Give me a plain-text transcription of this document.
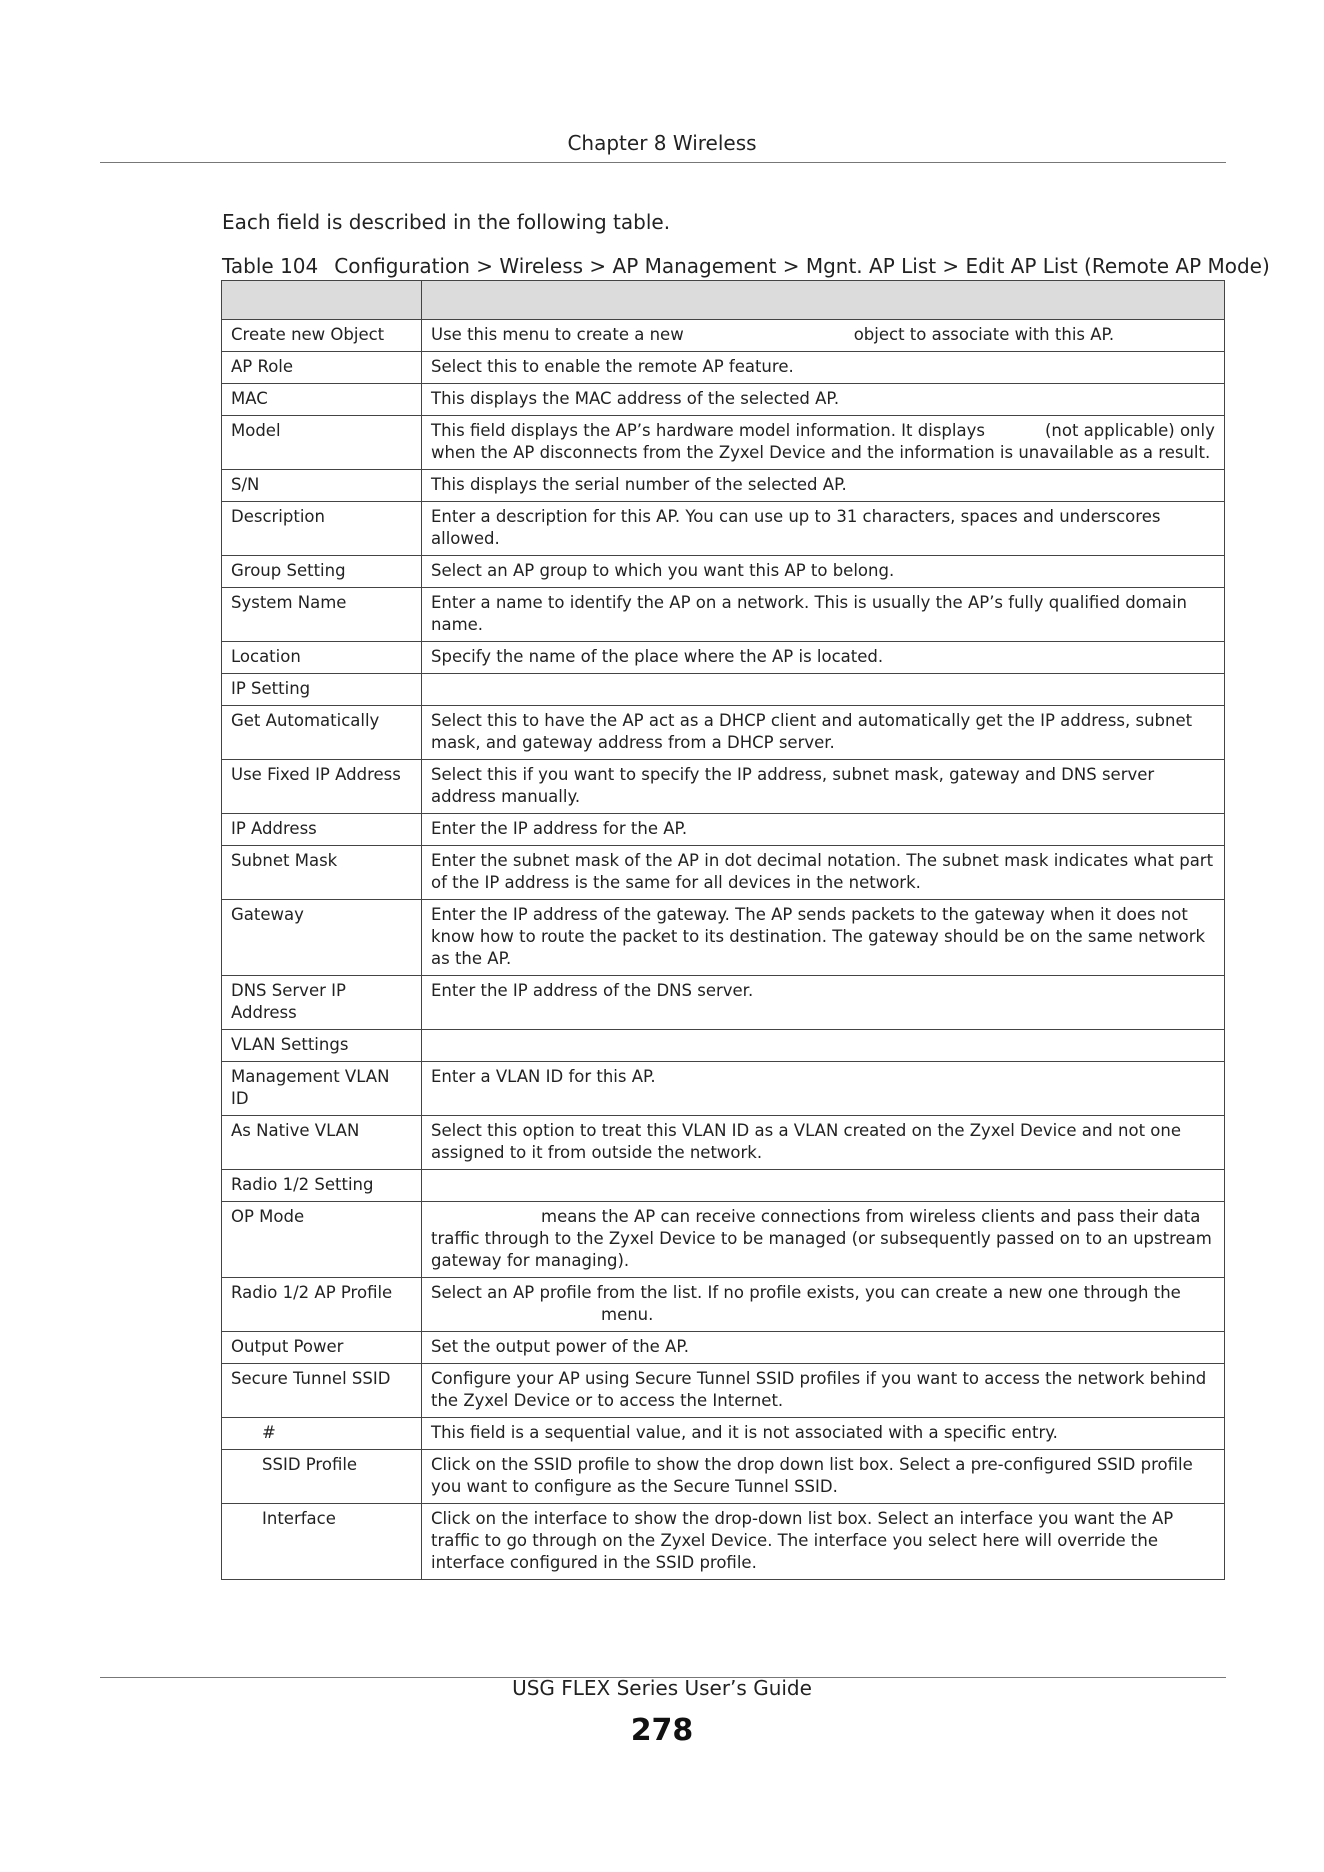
Chapter 8 Wireless
Each field is described in the following table.
Table 104 Configuration > Wireless > AP Management > Mgnt. AP List > Edit AP List (Remote AP Mode)

Create new Object	Use this menu to create a new object to associate with this AP.
AP Role	Select this to enable the remote AP feature.
MAC	This displays the MAC address of the selected AP.
Model	This field displays the AP’s hardware model information. It displays (not applicable) only when the AP disconnects from the Zyxel Device and the information is unavailable as a result.
S/N	This displays the serial number of the selected AP.
Description	Enter a description for this AP. You can use up to 31 characters, spaces and underscores allowed.
Group Setting	Select an AP group to which you want this AP to belong.
System Name	Enter a name to identify the AP on a network. This is usually the AP’s fully qualified domain name.
Location	Specify the name of the place where the AP is located.
IP Setting	
Get Automatically	Select this to have the AP act as a DHCP client and automatically get the IP address, subnet mask, and gateway address from a DHCP server.
Use Fixed IP Address	Select this if you want to specify the IP address, subnet mask, gateway and DNS server address manually.
IP Address	Enter the IP address for the AP.
Subnet Mask	Enter the subnet mask of the AP in dot decimal notation. The subnet mask indicates what part of the IP address is the same for all devices in the network.
Gateway	Enter the IP address of the gateway. The AP sends packets to the gateway when it does not know how to route the packet to its destination. The gateway should be on the same network as the AP.
DNS Server IP Address	Enter the IP address of the DNS server.
VLAN Settings	
Management VLAN ID	Enter a VLAN ID for this AP.
As Native VLAN	Select this option to treat this VLAN ID as a VLAN created on the Zyxel Device and not one assigned to it from outside the network.
Radio 1/2 Setting	
OP Mode	means the AP can receive connections from wireless clients and pass their data traffic through to the Zyxel Device to be managed (or subsequently passed on to an upstream gateway for managing).
Radio 1/2 AP Profile	Select an AP profile from the list. If no profile exists, you can create a new one through the menu.
Output Power	Set the output power of the AP.
Secure Tunnel SSID	Configure your AP using Secure Tunnel SSID profiles if you want to access the network behind the Zyxel Device or to access the Internet.
#	This field is a sequential value, and it is not associated with a specific entry.
SSID Profile	Click on the SSID profile to show the drop down list box. Select a pre-configured SSID profile you want to configure as the Secure Tunnel SSID.
Interface	Click on the interface to show the drop-down list box. Select an interface you want the AP traffic to go through on the Zyxel Device. The interface you select here will override the interface configured in the SSID profile.
USG FLEX Series User’s Guide
278
